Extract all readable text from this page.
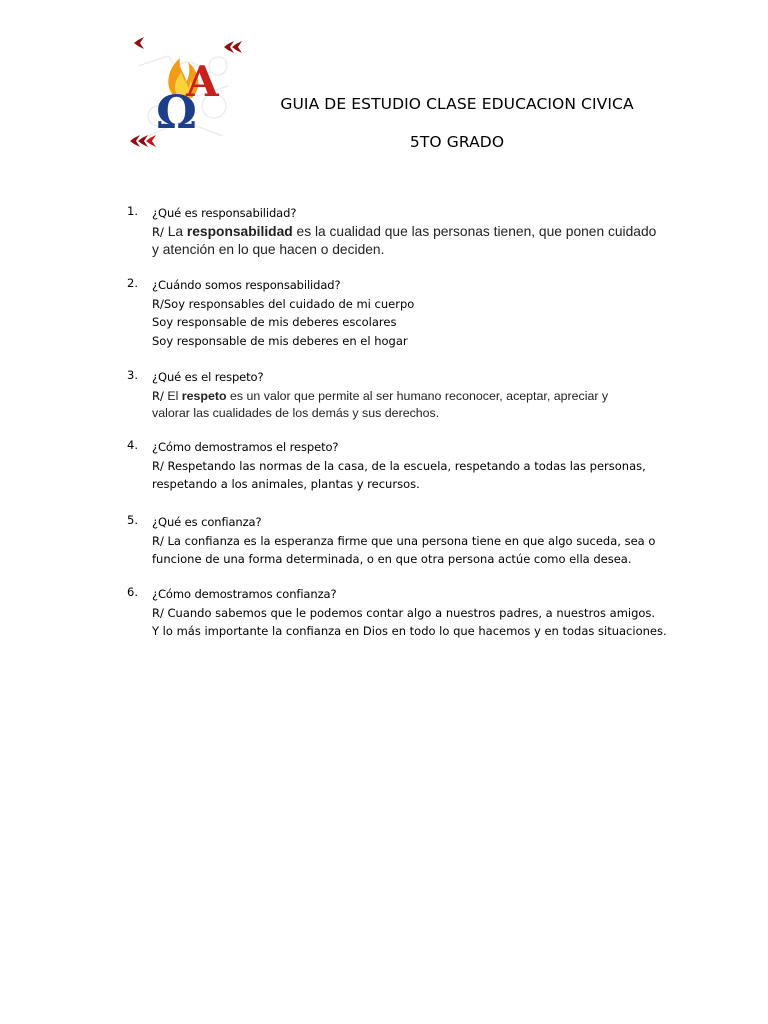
A
Ω	GUIA DE ESTUDIO CLASE EDUCACION CIVICA
5TO GRADO
1.	¿Qué es responsabilidad?
R/ La responsabilidad es la cualidad que las personas tienen, que ponen cuidado
y atención en lo que hacen o deciden.
2.	¿Cuándo somos responsabilidad?
R/Soy responsables del cuidado de mi cuerpo
Soy responsable de mis deberes escolares
Soy responsable de mis deberes en el hogar
3.	¿Qué es el respeto?
R/ El respeto es un valor que permite al ser humano reconocer, aceptar, apreciar y
valorar las cualidades de los demás y sus derechos.
4.	¿Cómo demostramos el respeto?
R/ Respetando las normas de la casa, de la escuela, respetando a todas las personas,
respetando a los animales, plantas y recursos.
5.	¿Qué es confianza?
R/ La confianza es la esperanza firme que una persona tiene en que algo suceda, sea o
funcione de una forma determinada, o en que otra persona actúe como ella desea.
6.	¿Cómo demostramos confianza?
R/ Cuando sabemos que le podemos contar algo a nuestros padres, a nuestros amigos.
Y lo más importante la confianza en Dios en todo lo que hacemos y en todas situaciones.
